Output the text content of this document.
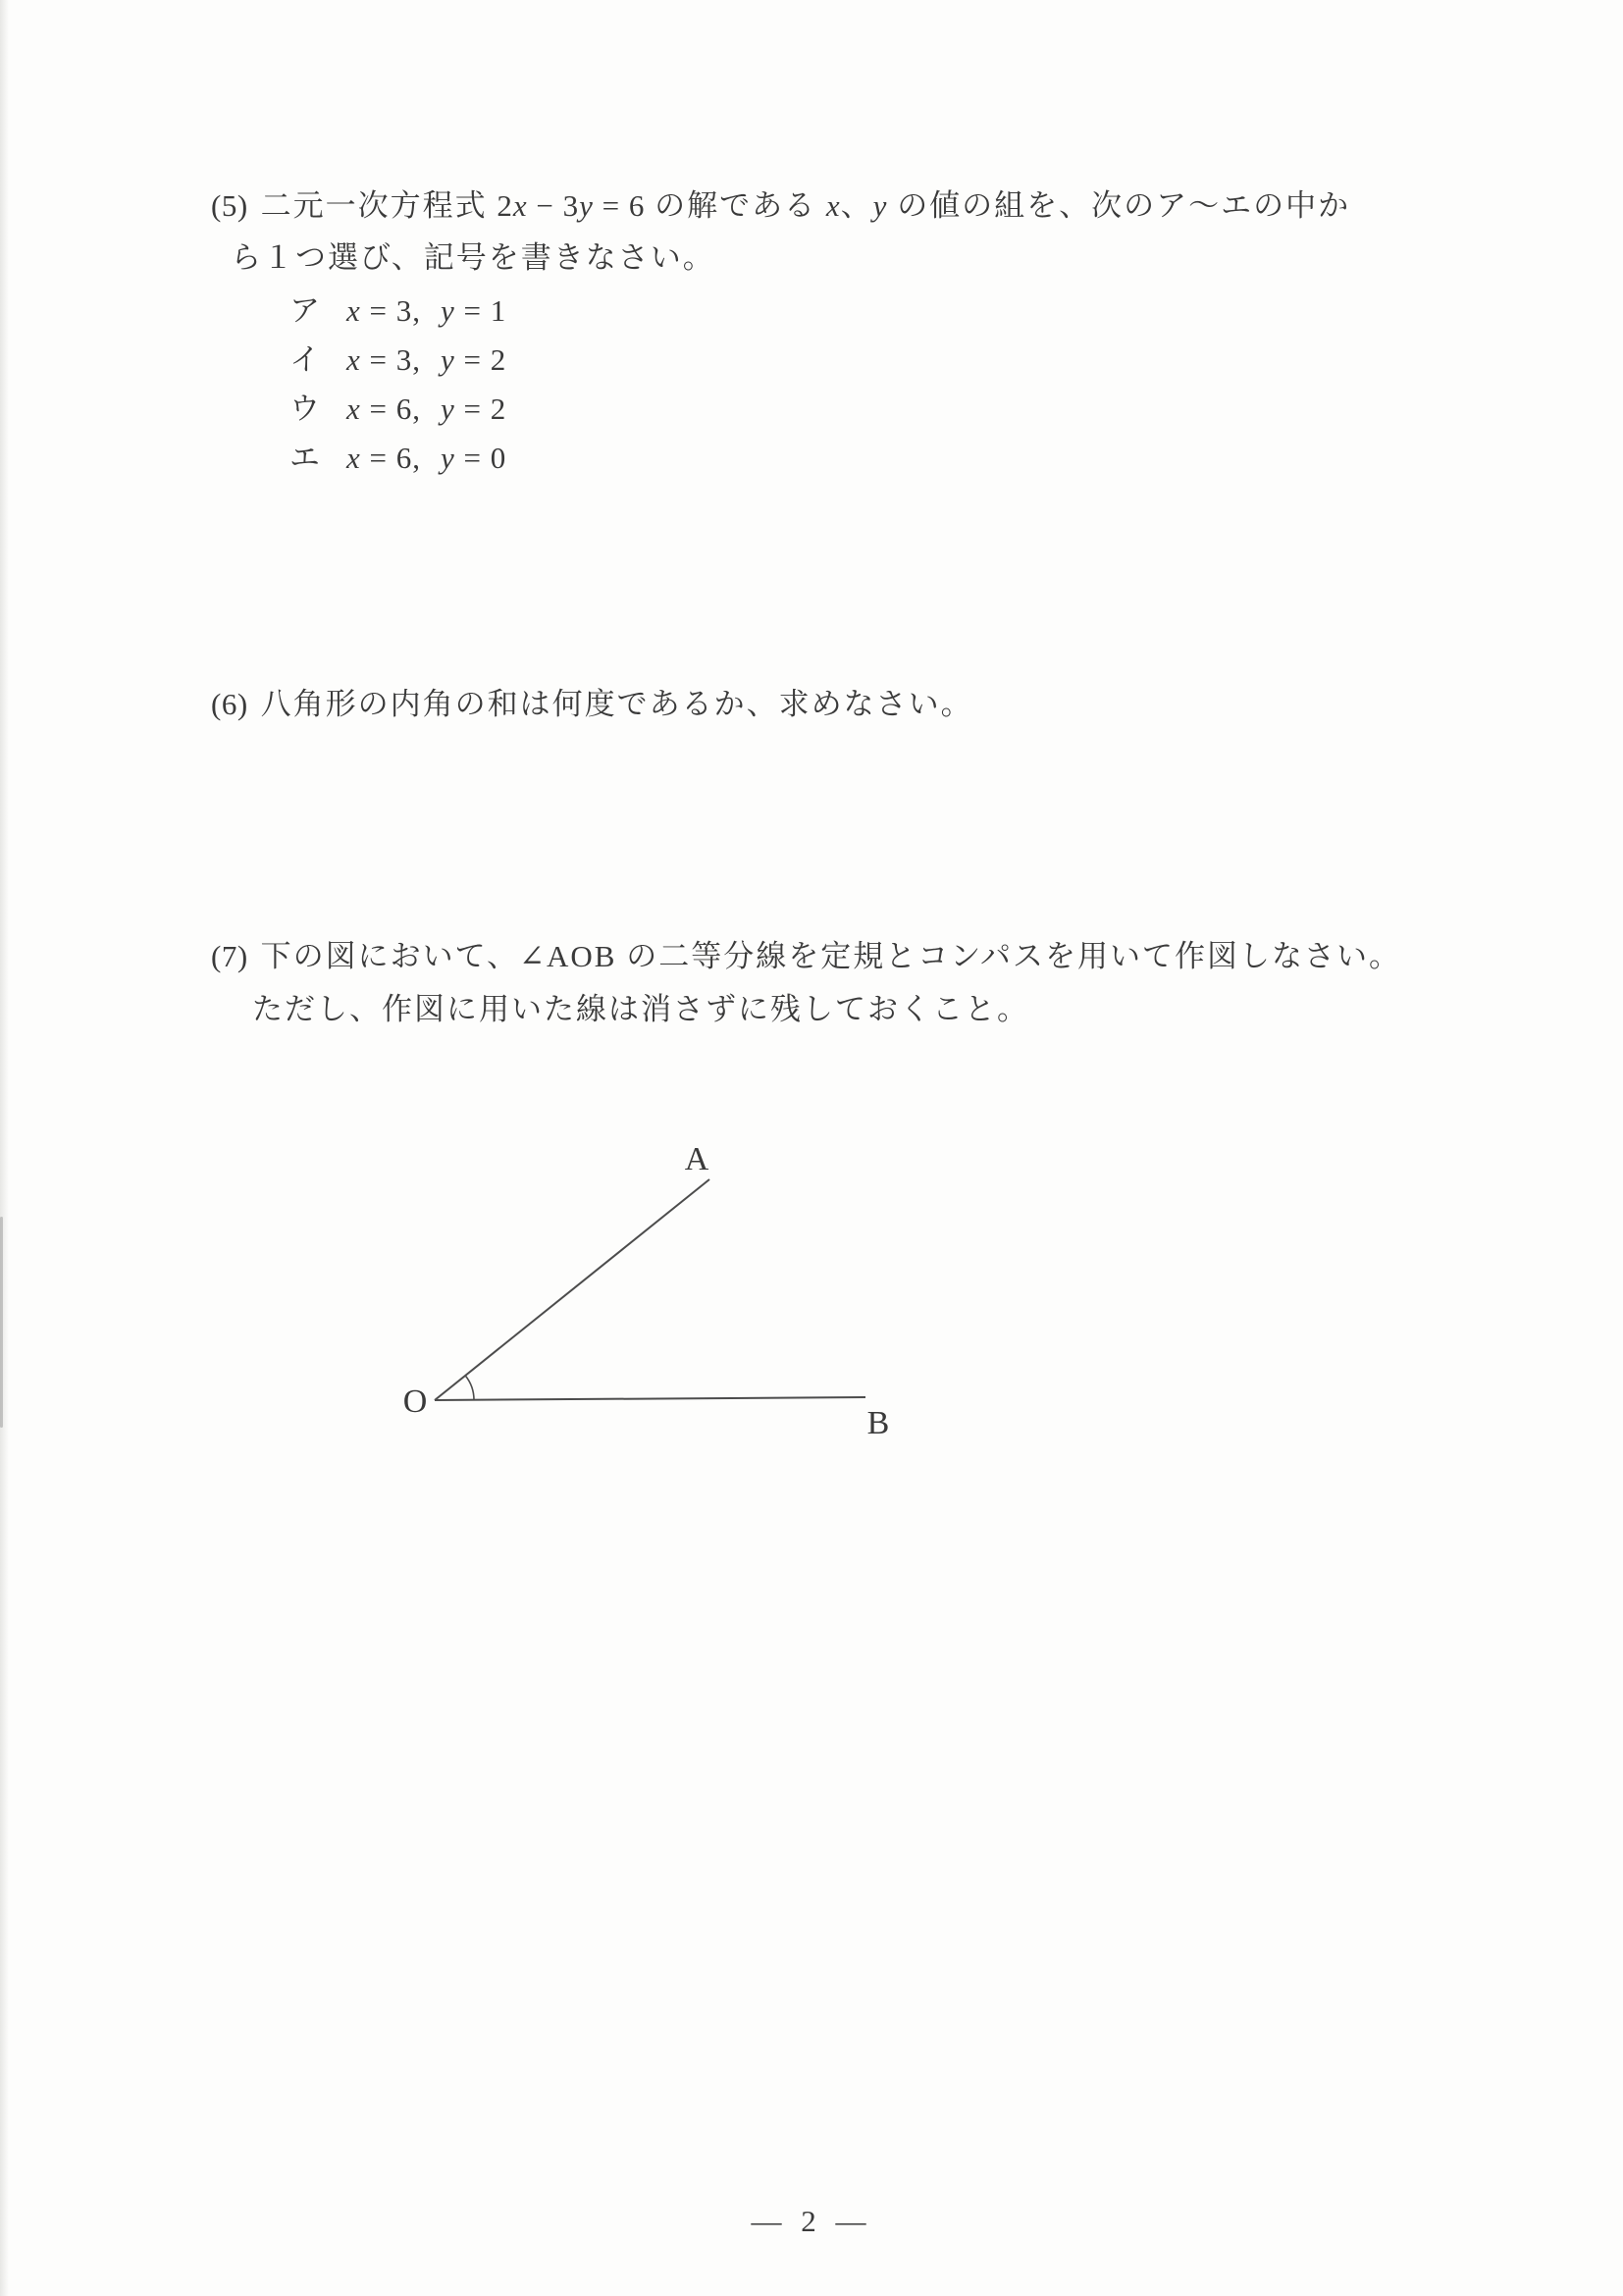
(5) 二元一次方程式 2x − 3y = 6 の解である x、y の値の組を、次のア～エの中か
ら１つ選び、記号を書きなさい。
ア x = 3, y = 1
イ x = 3, y = 2
ウ x = 6, y = 2
エ x = 6, y = 0
(6) 八角形の内角の和は何度であるか、求めなさい。
(7) 下の図において、∠AOB の二等分線を定規とコンパスを用いて作図しなさい。
ただし、作図に用いた線は消さずに残しておくこと。
A
O
B
— 2 —
